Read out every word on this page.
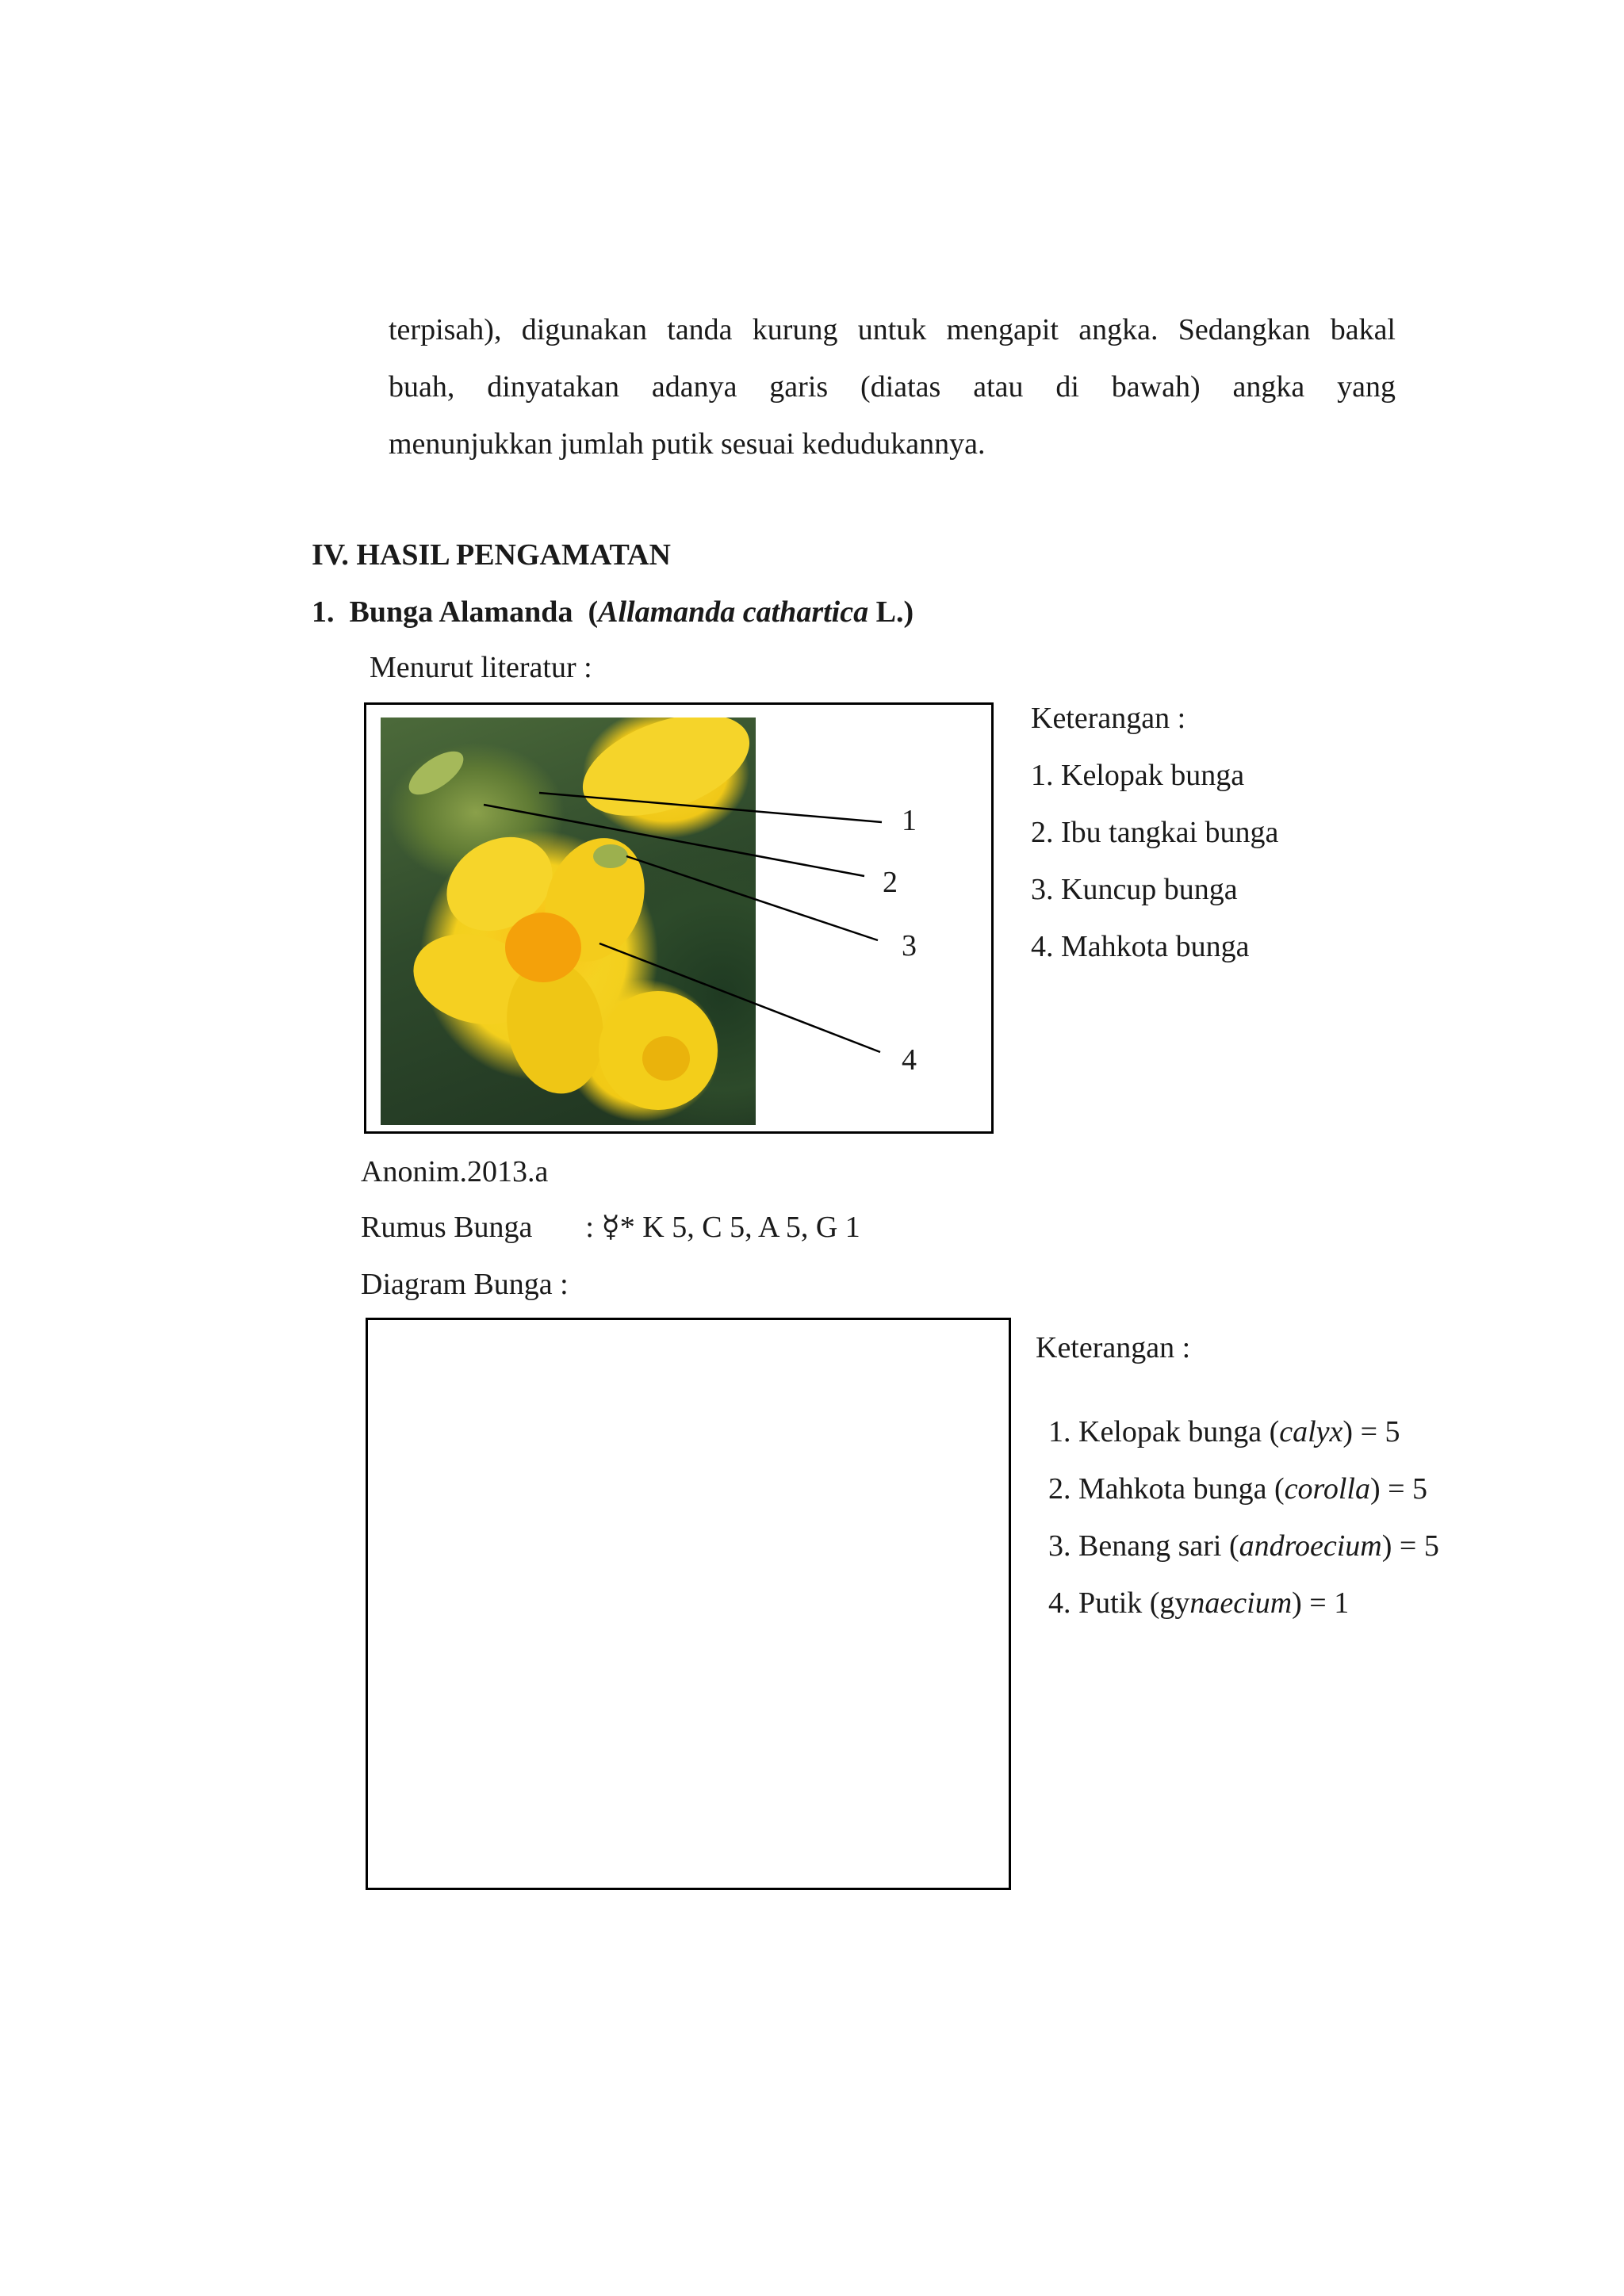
terpisah), digunakan tanda kurung untuk mengapit angka. Sedangkan bakal
buah, dinyatakan adanya garis (diatas atau di bawah) angka yang
menunjukkan jumlah putik sesuai kedudukannya.
IV. HASIL PENGAMATAN
1. Bunga Alamanda (Allamanda cathartica L.)
Menurut literatur :
1
2
3
4
Keterangan :
1. Kelopak bunga
2. Ibu tangkai bunga
3. Kuncup bunga
4. Mahkota bunga
Anonim.2013.a
Rumus Bunga : ☿* K 5, C 5, A 5, G 1
Diagram Bunga :
Keterangan :
1. Kelopak bunga (calyx) = 5
2. Mahkota bunga (corolla) = 5
3. Benang sari (androecium) = 5
4. Putik (gynaecium) = 1
